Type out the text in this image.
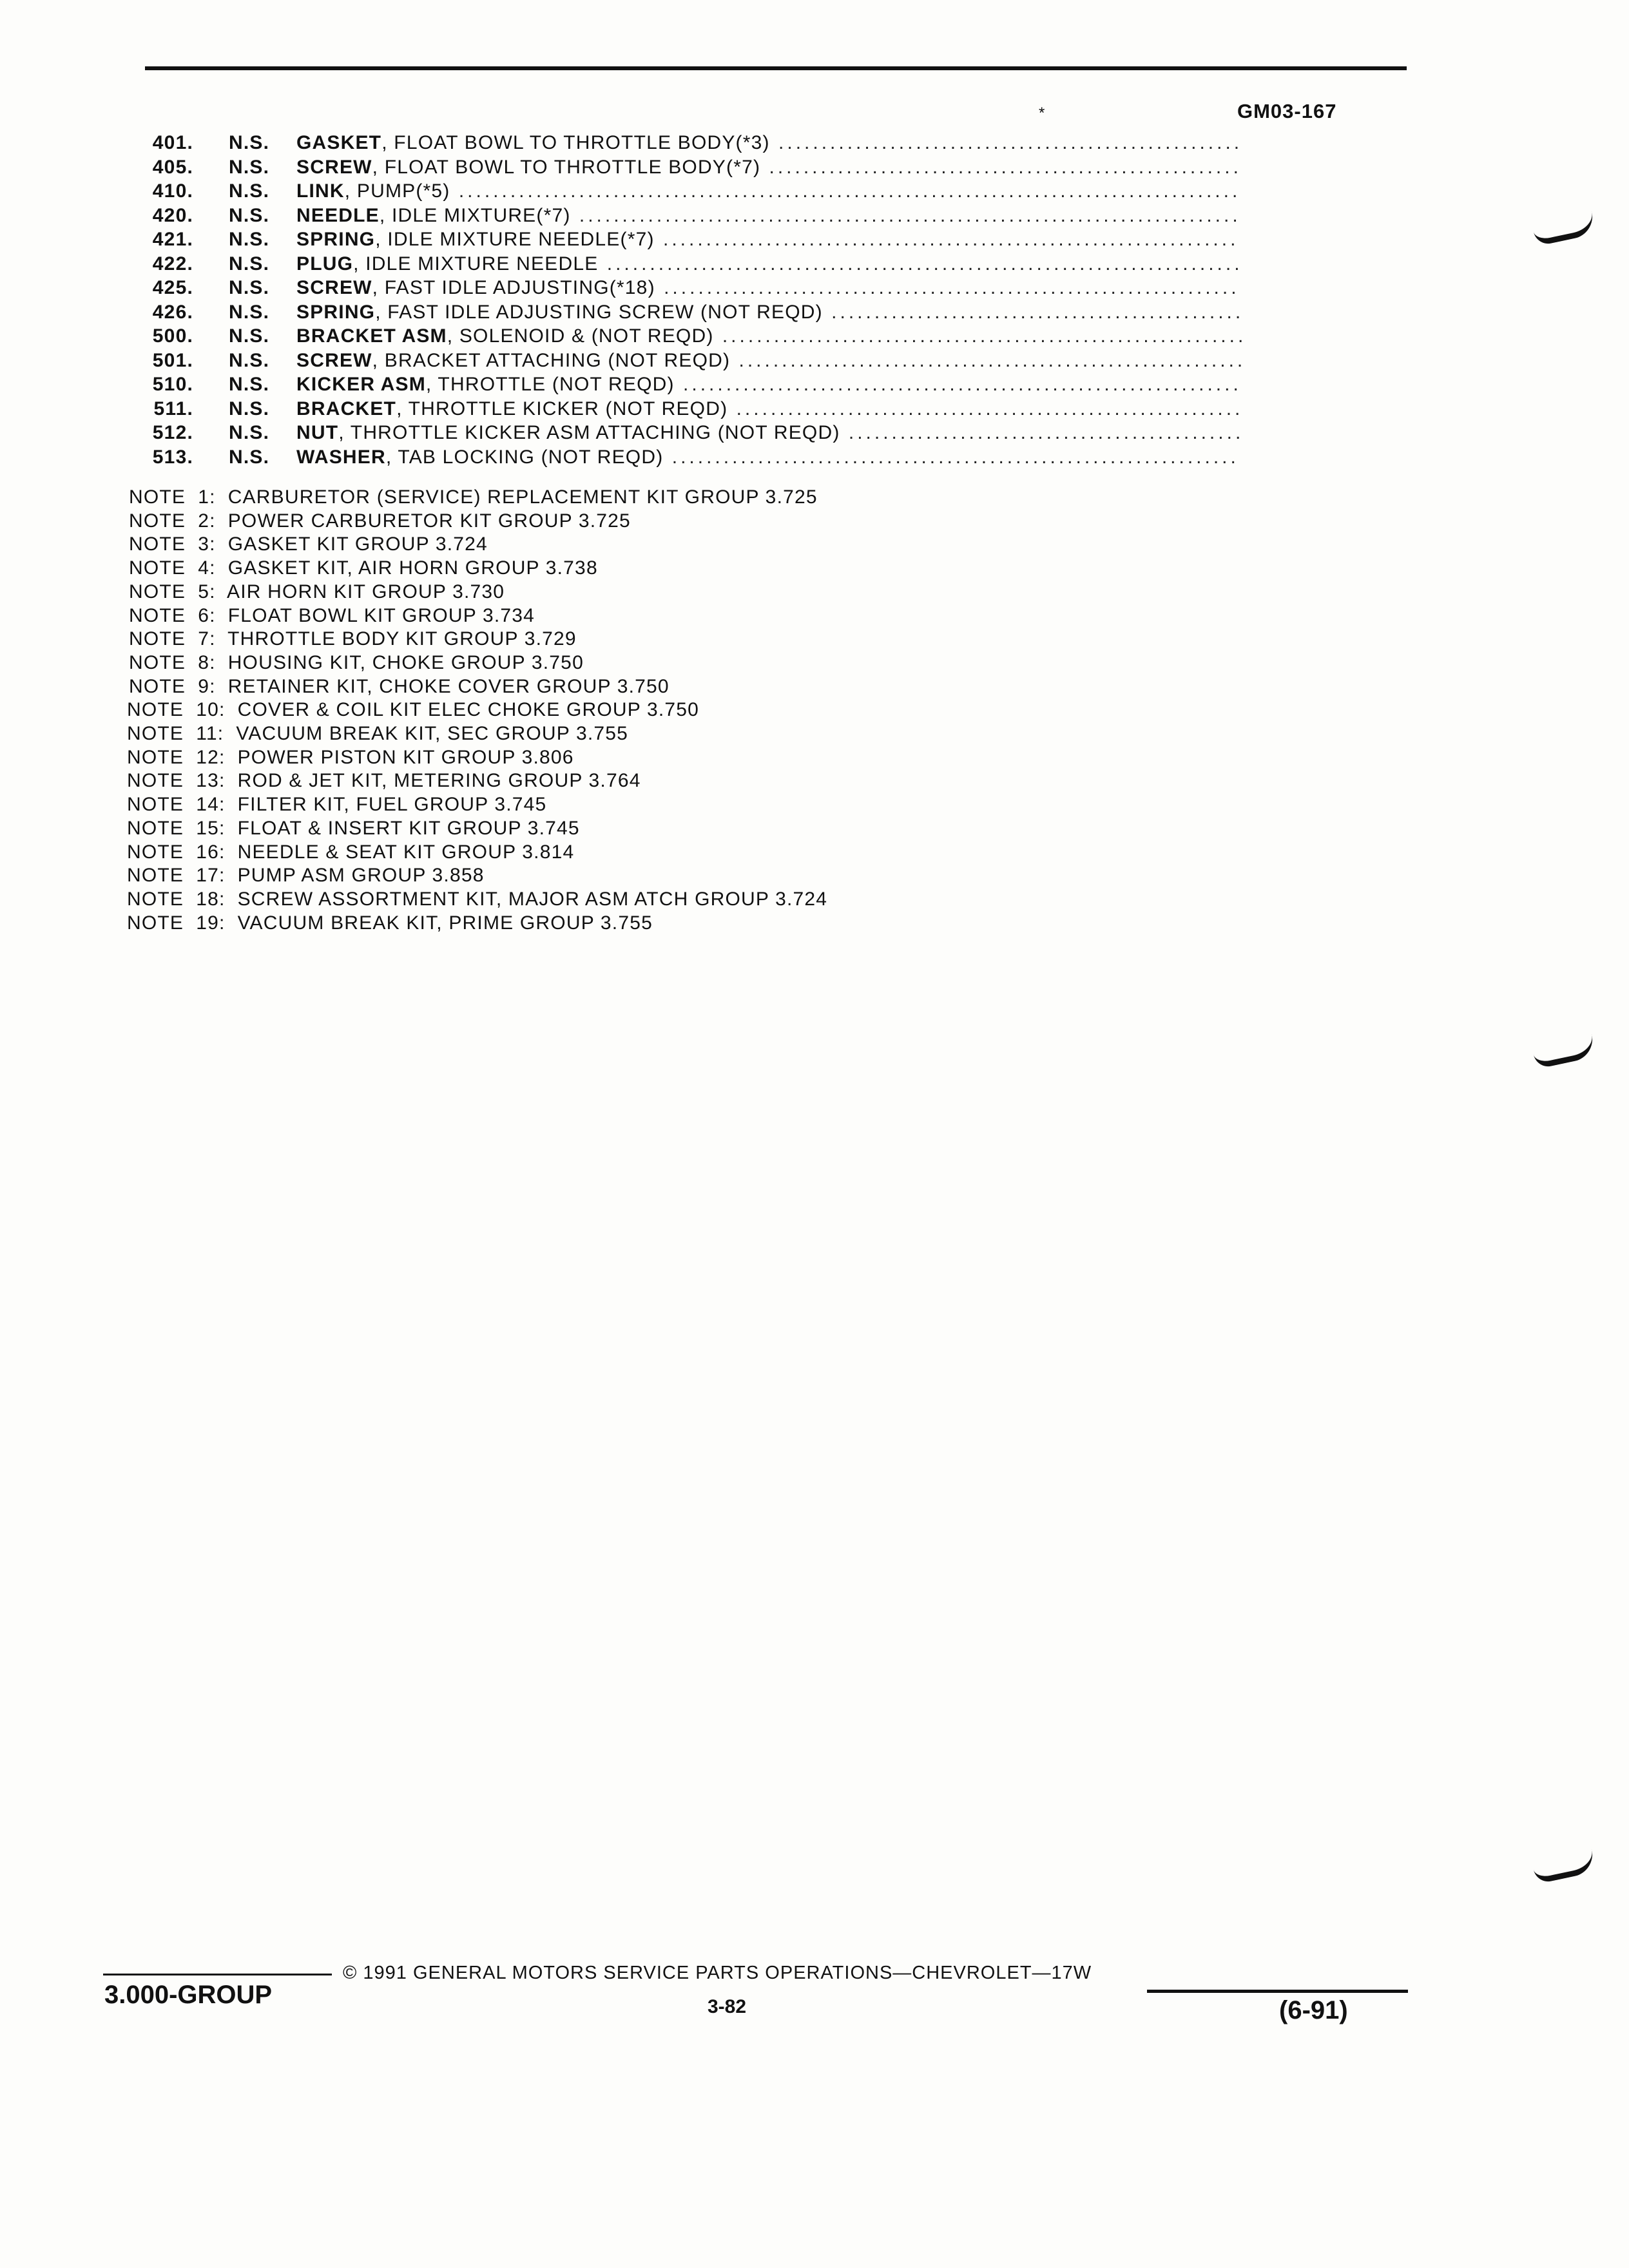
*	GM03-167
401. N.S. GASKET, FLOAT BOWL TO THROTTLE BODY(*3) ......................................................
405. N.S. SCREW, FLOAT BOWL TO THROTTLE BODY(*7) .......................................................
410. N.S. LINK, PUMP(*5) ...........................................................................................
420. N.S. NEEDLE, IDLE MIXTURE(*7) .............................................................................
421. N.S. SPRING, IDLE MIXTURE NEEDLE(*7) ...................................................................
422. N.S. PLUG, IDLE MIXTURE NEEDLE ..........................................................................
425. N.S. SCREW, FAST IDLE ADJUSTING(*18) ...................................................................
426. N.S. SPRING, FAST IDLE ADJUSTING SCREW (NOT REQD) ................................................
500. N.S. BRACKET ASM, SOLENOID & (NOT REQD) .............................................................
501. N.S. SCREW, BRACKET ATTACHING (NOT REQD) ...........................................................
510. N.S. KICKER ASM, THROTTLE (NOT REQD) .................................................................
511. N.S. BRACKET, THROTTLE KICKER (NOT REQD) ...........................................................
512. N.S. NUT, THROTTLE KICKER ASM ATTACHING (NOT REQD) ..............................................
513. N.S. WASHER, TAB LOCKING (NOT REQD) ..................................................................
NOTE  1:  CARBURETOR (SERVICE) REPLACEMENT KIT GROUP 3.725
NOTE  2:  POWER CARBURETOR KIT GROUP 3.725
NOTE  3:  GASKET KIT GROUP 3.724
NOTE  4:  GASKET KIT, AIR HORN GROUP 3.738
NOTE  5:  AIR HORN KIT GROUP 3.730
NOTE  6:  FLOAT BOWL KIT GROUP 3.734
NOTE  7:  THROTTLE BODY KIT GROUP 3.729
NOTE  8:  HOUSING KIT, CHOKE GROUP 3.750
NOTE  9:  RETAINER KIT, CHOKE COVER GROUP 3.750
NOTE  10:  COVER & COIL KIT ELEC CHOKE GROUP 3.750
NOTE  11:  VACUUM BREAK KIT, SEC GROUP 3.755
NOTE  12:  POWER PISTON KIT GROUP 3.806
NOTE  13:  ROD & JET KIT, METERING GROUP 3.764
NOTE  14:  FILTER KIT, FUEL GROUP 3.745
NOTE  15:  FLOAT & INSERT KIT GROUP 3.745
NOTE  16:  NEEDLE & SEAT KIT GROUP 3.814
NOTE  17:  PUMP ASM GROUP 3.858
NOTE  18:  SCREW ASSORTMENT KIT, MAJOR ASM ATCH GROUP 3.724
NOTE  19:  VACUUM BREAK KIT, PRIME GROUP 3.755
3.000-GROUP
© 1991 GENERAL MOTORS SERVICE PARTS OPERATIONS—CHEVROLET—17W
3-82	(6-91)
